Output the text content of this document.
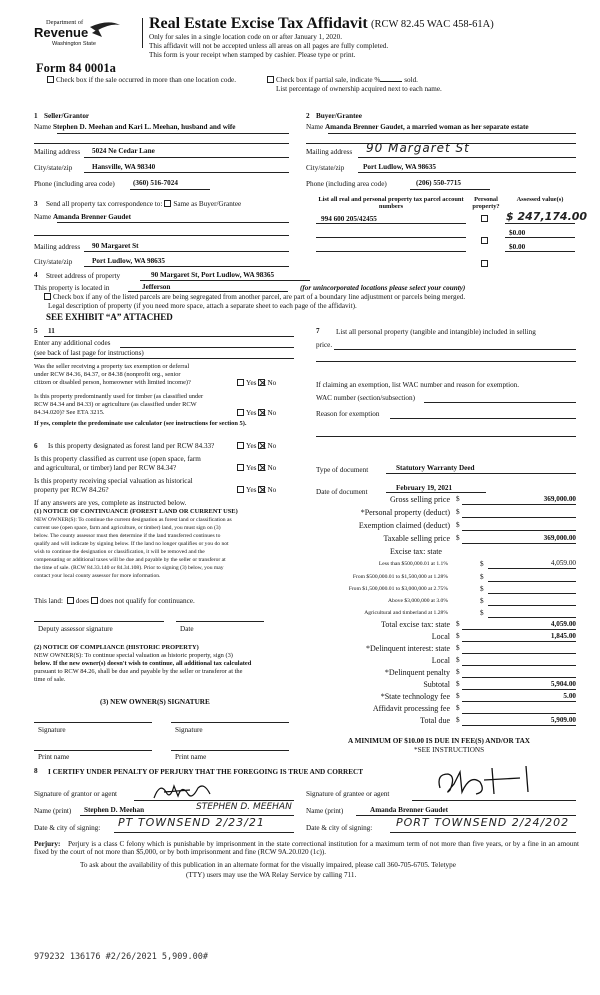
Department of
Revenue
Washington State
Real Estate Excise Tax Affidavit (RCW 82.45 WAC 458-61A)
Only for sales in a single location code on or after January 1, 2020.
This affidavit will not be accepted unless all areas on all pages are fully completed.
This form is your receipt when stamped by cashier. Please type or print.
Form 84 0001a
Check box if the sale occurred in more than one location code.	Check box if partial sale, indicate %	sold.
List percentage of ownership acquired next to each name.
1 Seller/Grantor
Name Stephen D. Meehan and Kari L. Meehan, husband and wife
Mailing address 5024 Ne Cedar Lane
City/state/zip	Hansville, WA 98340
Phone (including area code)	(360) 516-7024
2 Buyer/Grantee
Name Amanda Brenner Gaudet, a married woman as her separate estate
Mailing address 90 Margaret St
City/state/zip	Port Ludlow, WA 98635
Phone (including area code)	(206) 550-7715
3 Send all property tax correspondence to: Same as Buyer/Grantee
Name Amanda Brenner Gaudet
Mailing address 90 Margaret St
City/state/zip	Port Ludlow, WA 98635
List all real and personal property tax parcel account numbers
Personal property?
Assessed value(s)
994 600 205/42455	$ 247,174.00
$0.00
$0.00
4 Street address of property	90 Margaret St, Port Ludlow, WA 98365
This property is located in	Jefferson	(for unincorporated locations please select your county)
Check box if any of the listed parcels are being segregated from another parcel, are part of a boundary line adjustment or parcels being merged.
Legal description of property (if you need more space, attach a separate sheet to each page of the affidavit).
SEE EXHIBIT “A” ATTACHED
5 11
Enter any additional codes
(see back of last page for instructions)
Was the seller receiving a property tax exemption or deferral
under RCW 84.36, 84.37, or 84.38 (nonprofit org., senior
citizen or disabled person, homeowner with limited income)?	Yes No
Is this property predominantly used for timber (as classified under
RCW 84.34 and 84.33) or agriculture (as classified under RCW
84.34.020)? See ETA 3215.	Yes No
If yes, complete the predominate use calculator (see instructions for section 5).
6 Is this property designated as forest land per RCW 84.33?	Yes No
Is this property classified as current use (open space, farm
and agricultural, or timber) land per RCW 84.34?	Yes No
Is this property receiving special valuation as historical
property per RCW 84.26?	Yes No
If any answers are yes, complete as instructed below.
(1) NOTICE OF CONTINUANCE (FOREST LAND OR CURRENT USE)
NEW OWNER(S): To continue the current designation as forest land or classification as
current use (open space, farm and agriculture, or timber) land, you must sign on (3)
below. The county assessor must then determine if the land transferred continues to
qualify and will indicate by signing below. If the land no longer qualifies or you do not
wish to continue the designation or classification, it will be removed and the
compensating or additional taxes will be due and payable by the seller or transferor at
the time of sale. (RCW 84.33.140 or 84.34.108). Prior to signing (3) below, you may
contact your local county assessor for more information.
This land: does does not qualify for continuance.
Deputy assessor signature	Date
(2) NOTICE OF COMPLIANCE (HISTORIC PROPERTY)
NEW OWNER(S): To continue special valuation as historic property, sign (3)
below. If the new owner(s) doesn't wish to continue, all additional tax calculated
pursuant to RCW 84.26, shall be due and payable by the seller or transferor at the
time of sale.
(3) NEW OWNER(S) SIGNATURE
Signature	Signature
Print name	Print name
7 List all personal property (tangible and intangible) included in selling
price.
If claiming an exemption, list WAC number and reason for exemption.
WAC number (section/subsection)
Reason for exemption
Type of document	Statutory Warranty Deed
Date of document	February 19, 2021
Gross selling price $	369,000.00
*Personal property (deduct) $
Exemption claimed (deduct) $
Taxable selling price $	369,000.00
Excise tax: state
Less than $500,000.01 at 1.1%	$	4,059.00
From $500,000.01 to $1,500,000 at 1.28%	$
From $1,500,000.01 to $3,000,000 at 2.75%	$
Above $3,000,000 at 3.0%	$
Agricultural and timberland at 1.28%	$
Total excise tax: state $	4,059.00
Local $	1,845.00
*Delinquent interest: state $
Local $
*Delinquent penalty $
Subtotal $	5,904.00
*State technology fee $	5.00
Affidavit processing fee $
Total due $	5,909.00
A MINIMUM OF $10.00 IS DUE IN FEE(S) AND/OR TAX
*SEE INSTRUCTIONS
8 I CERTIFY UNDER PENALTY OF PERJURY THAT THE FOREGOING IS TRUE AND CORRECT
Signature of grantor or agent	Signature of grantee or agent
Name (print) Stephen D. Meehan	STEPHEN D. MEEHAN Name (print)	Amanda Brenner Gaudet
Date & city of signing: PT TOWNSEND 2/23/21	Date & city of signing: PORT TOWNSEND 2/24/202
Perjury:	Perjury is a class C felony which is punishable by imprisonment in the state correctional institution for a maximum term of not more than five years, or by a fine in an amount fixed by the court of not more than $5,000, or by both imprisonment and fine (RCW 9A.20.020 (1c)).
To ask about the availability of this publication in an alternate format for the visually impaired, please call 360-705-6705. Teletype
(TTY) users may use the WA Relay Service by calling 711.
979232 136176 #2/26/2021 5,909.00#
